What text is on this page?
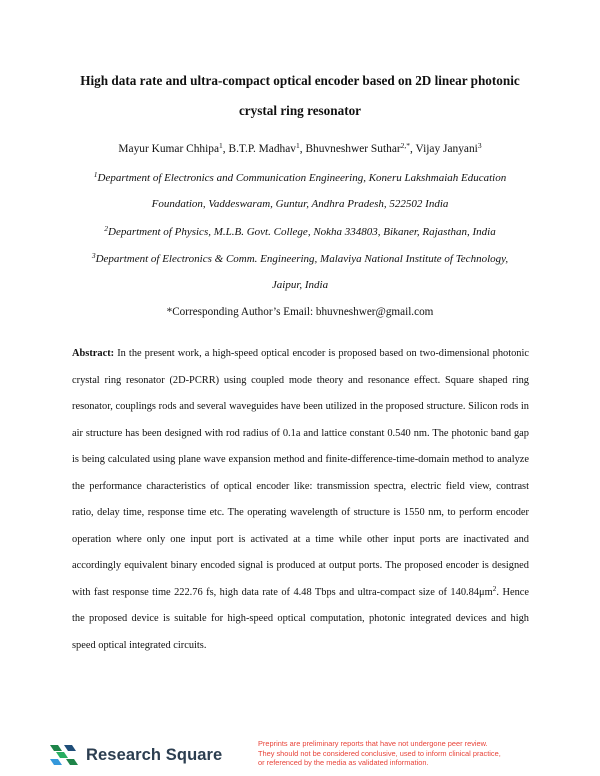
High data rate and ultra-compact optical encoder based on 2D linear photonic
crystal ring resonator
Mayur Kumar Chhipa$^1$, B.T.P. Madhav$^1$, Bhuvneshwer Suthar$^{2,*}$, Vijay Janyani$^3$
$^1$Department of Electronics and Communication Engineering, Koneru Lakshmaiah Education
Foundation, Vaddeswaram, Guntur, Andhra Pradesh, 522502 India
$^2$Department of Physics, M.L.B. Govt. College, Nokha 334803, Bikaner, Rajasthan, India
$^3$Department of Electronics & Comm. Engineering, Malaviya National Institute of Technology,
Jaipur, India
*Corresponding Author’s Email: bhuvneshwer@gmail.com
Abstract: In the present work, a high-speed optical encoder is proposed based on two-dimensional photonic crystal ring resonator (2D-PCRR) using coupled mode theory and resonance effect. Square shaped ring resonator, couplings rods and several waveguides have been utilized in the proposed structure. Silicon rods in air structure has been designed with rod radius of 0.1a and lattice constant 0.540 nm. The photonic band gap is being calculated using plane wave expansion method and finite-difference-time-domain method to analyze the performance characteristics of optical encoder like: transmission spectra, electric field view, contrast ratio, delay time, response time etc. The operating wavelength of structure is 1550 nm, to perform encoder operation where only one input port is activated at a time while other input ports are inactivated and accordingly equivalent binary encoded signal is produced at output ports. The proposed encoder is designed with fast response time 222.76 fs, high data rate of 4.48 Tbps and ultra-compact size of $140.84\mu m^2$. Hence the proposed device is suitable for high-speed optical computation, photonic integrated devices and high speed optical integrated circuits.
Research Square
Preprints are preliminary reports that have not undergone peer review.
They should not be considered conclusive, used to inform clinical practice,
or referenced by the media as validated information.
